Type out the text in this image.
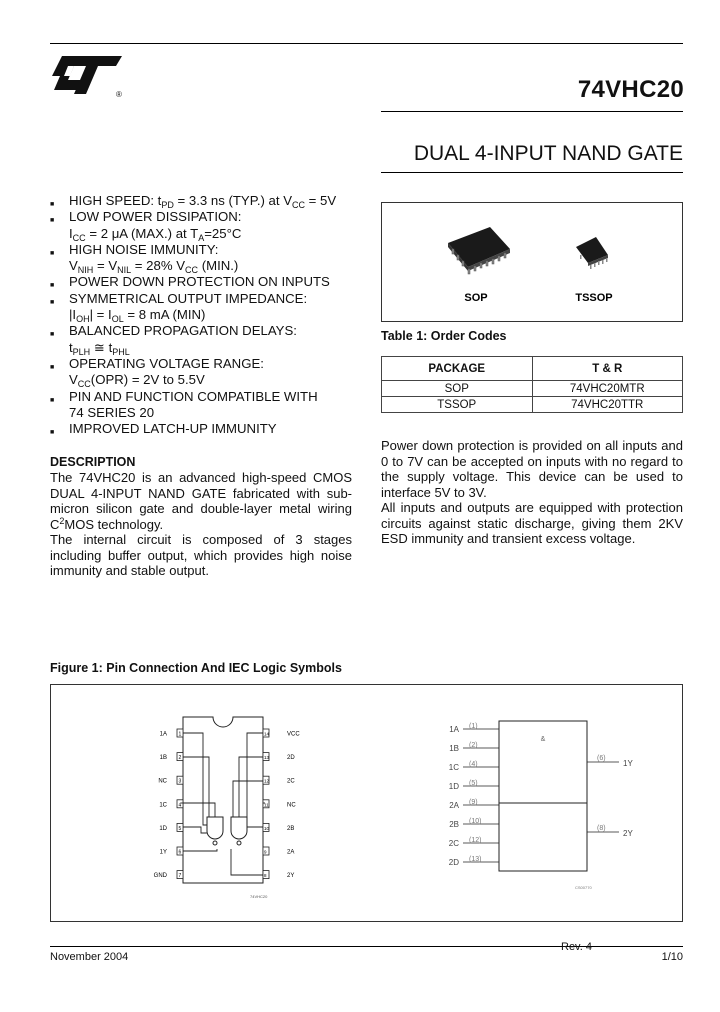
®	74VHC20
DUAL 4-INPUT NAND GATE
■ HIGH SPEED: $t_{PD} = 3.3$ ns (TYP.) at $V_{CC} = 5V$
■ LOW POWER DISSIPATION:
$I_{CC} = 2$ μA (MAX.) at $T_A=25^\circ C$
■ HIGH NOISE IMMUNITY:
$V_{NIH} = V_{NIL} = 28\%$ $V_{CC}$ (MIN.)
■ POWER DOWN PROTECTION ON INPUTS
■ SYMMETRICAL OUTPUT IMPEDANCE:
$|I_{OH}| = I_{OL} = 8$ mA (MIN)
■ BALANCED PROPAGATION DELAYS:
$t_{PLH}$ ≅ $t_{PHL}$
■ OPERATING VOLTAGE RANGE:
$V_{CC}(OPR) = 2V$ to 5.5V
■ PIN AND FUNCTION COMPATIBLE WITH
74 SERIES 20
■ IMPROVED LATCH-UP IMMUNITY
DESCRIPTION

The 74VHC20 is an advanced high-speed CMOS DUAL 4-INPUT NAND GATE fabricated with sub-micron silicon gate and double-layer metal wiring $C^2MOS$ technology.

The internal circuit is composed of 3 stages including buffer output, which provides high noise immunity and stable output.

SOP	TSSOP
Table 1: Order Codes
PACKAGE	T & R
SOP	74VHC20MTR
TSSOP	74VHC20TTR

Power down protection is provided on all inputs and 0 to 7V can be accepted on inputs with no regard to the supply voltage. This device can be used to interface 5V to 3V.

All inputs and outputs are equipped with protection circuits against static discharge, giving them 2KV ESD immunity and transient excess voltage.

Figure 1: Pin Connection And IEC Logic Symbols
1
1A
2
1B
3
NC
4
1C
5
1D
6
1Y
7
GND
14	VCC
13	2D
12	2C
11	NC
10	2B
9	2A
8	2Y
74VHC20
&
1A (1)
1B (2)
1C (4)
1D (5)
2A (9)
2B (10)
2C (12)
2D (13)
(6)
1Y
(8)
2Y
CS00770
Rev. 4
November 2004	1/10
